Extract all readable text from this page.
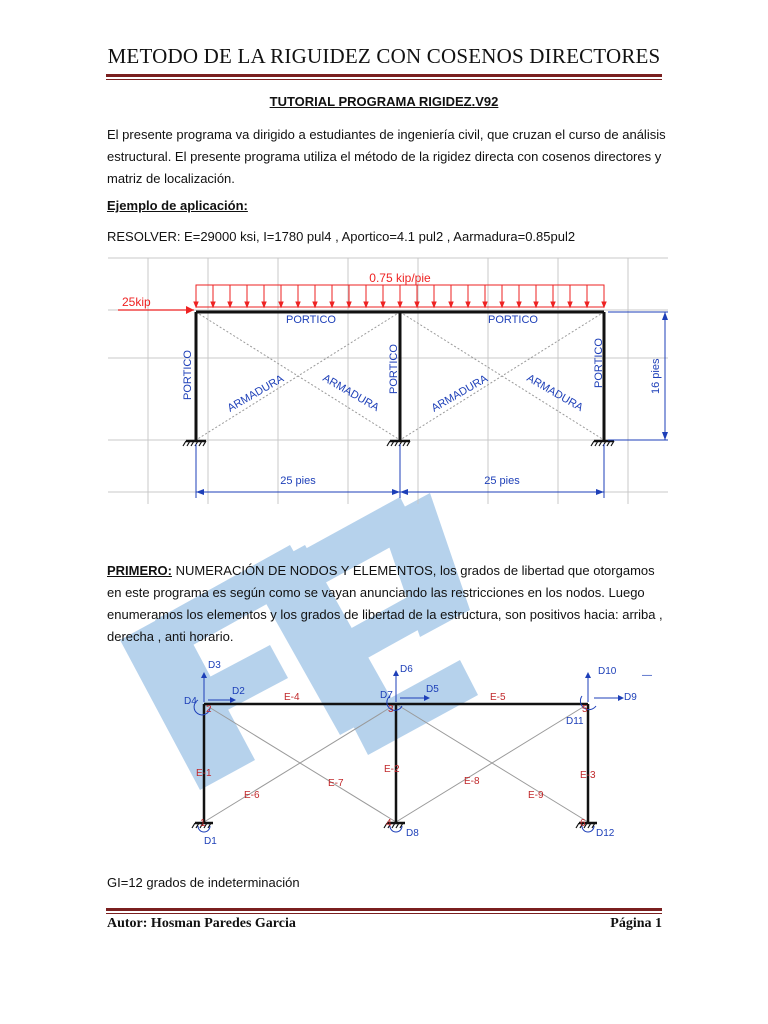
METODO DE LA RIGUIDEZ CON COSENOS DIRECTORES
TUTORIAL PROGRAMA RIGIDEZ.V92
El presente programa va dirigido a estudiantes de ingeniería civil, que cruzan el curso de análisis estructural. El presente programa utiliza el método de la rigidez directa con cosenos directores y matriz de localización.
Ejemplo de aplicación:
RESOLVER: E=29000 ksi, I=1780 pul4 , Aportico=4.1 pul2 , Aarmadura=0.85pul2
0.75 kip/pie
25kip
PORTICO	PORTICO
PORTICO	PORTICO	PORTICO
ARMADURA	ARMADURA	ARMADURA	ARMADURA	16 pies
25 pies	25 pies
PRIMERO: NUMERACIÓN DE NODOS Y ELEMENTOS, los grados de libertad que otorgamos en este programa es según como se vayan anunciando las restricciones en los nodos. Luego enumeramos los elementos y los grados de libertad de la estructura, son positivos hacia: arriba , derecha , anti horario.
D3
D2
D4
D1
D6
D5
D7
D8
D10
D9
D11
D12
—
2	3	5
1	4	6
E-4	E-5
E-1	E-2
E-3
E-6
E-7	E-8
E-9
GI=12 grados de indeterminación
Autor: Hosman Paredes Garcia	Página 1
